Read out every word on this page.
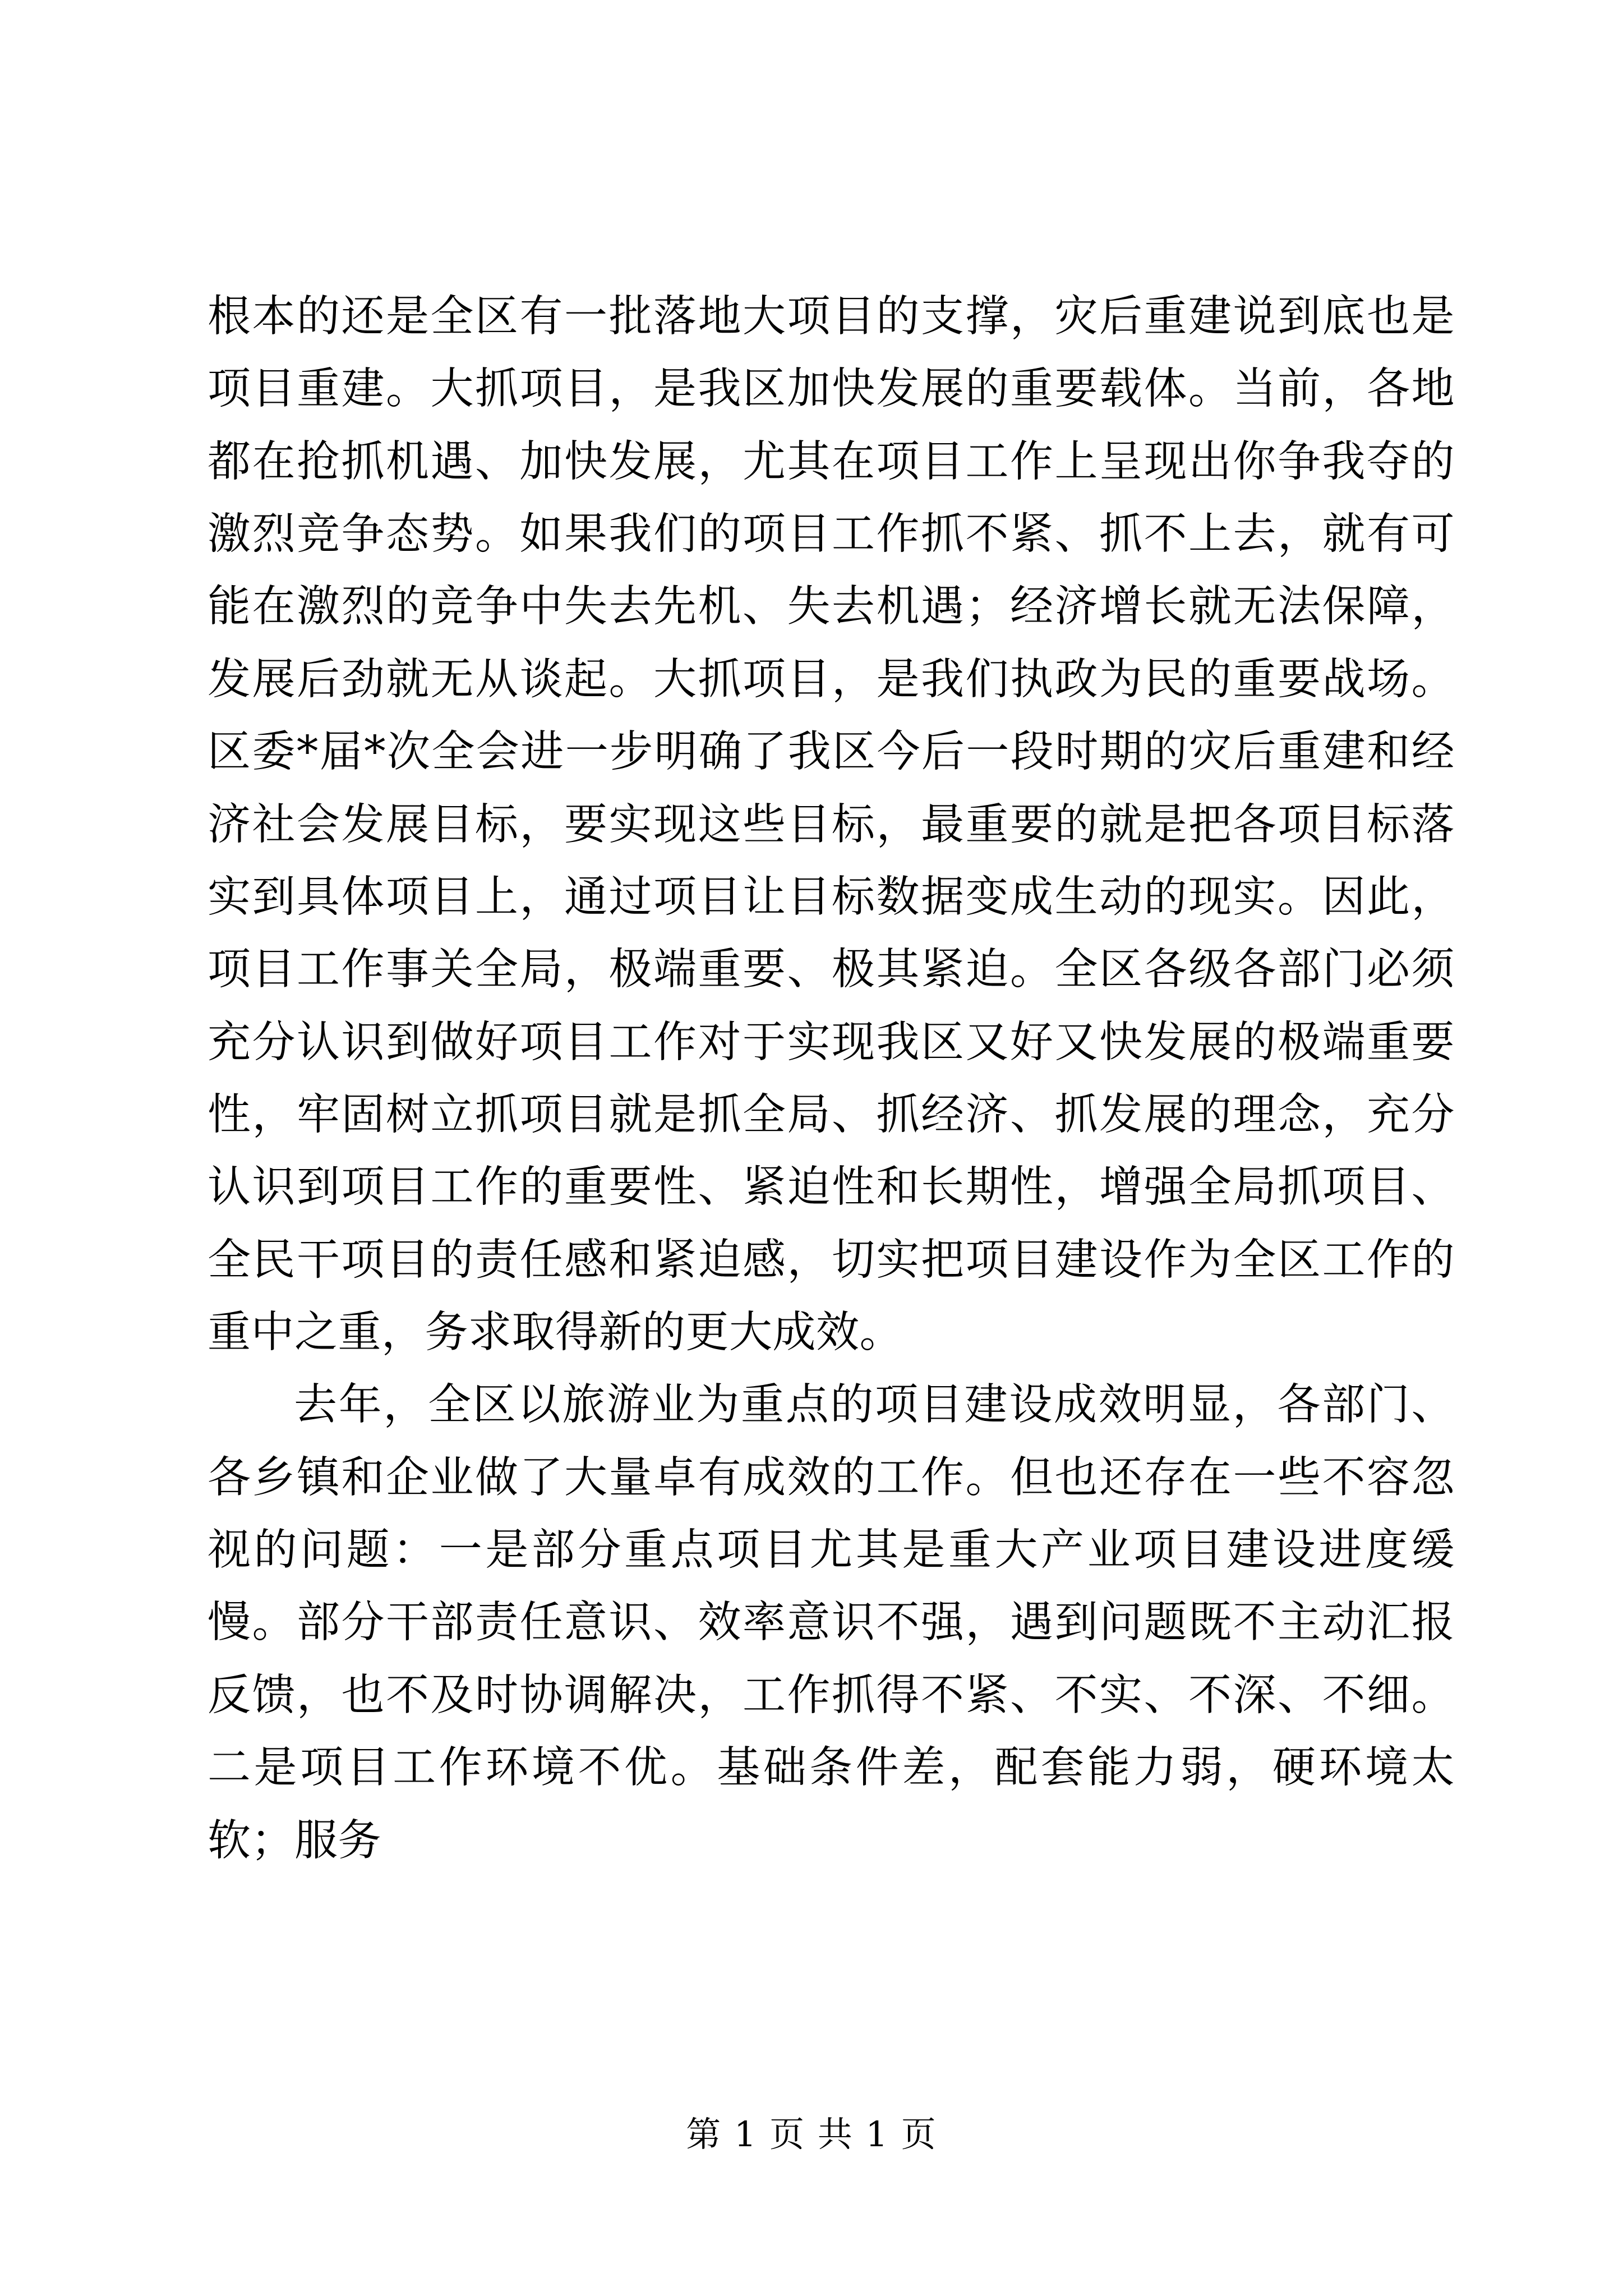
根本的还是全区有一批落地大项目的支撑，灾后重建说到底也是项目重建。大抓项目，是我区加快发展的重要载体。当前，各地都在抢抓机遇、加快发展，尤其在项目工作上呈现出你争我夺的激烈竞争态势。如果我们的项目工作抓不紧、抓不上去，就有可能在激烈的竞争中失去先机、失去机遇；经济增长就无法保障，发展后劲就无从谈起。大抓项目，是我们执政为民的重要战场。区委*届*次全会进一步明确了我区今后一段时期的灾后重建和经济社会发展目标，要实现这些目标，最重要的就是把各项目标落实到具体项目上，通过项目让目标数据变成生动的现实。因此，项目工作事关全局，极端重要、极其紧迫。全区各级各部门必须充分认识到做好项目工作对于实现我区又好又快发展的极端重要性，牢固树立抓项目就是抓全局、抓经济、抓发展的理念，充分认识到项目工作的重要性、紧迫性和长期性，增强全局抓项目、全民干项目的责任感和紧迫感，切实把项目建设作为全区工作的重中之重，务求取得新的更大成效。

去年，全区以旅游业为重点的项目建设成效明显，各部门、各乡镇和企业做了大量卓有成效的工作。但也还存在一些不容忽视的问题：一是部分重点项目尤其是重大产业项目建设进度缓慢。部分干部责任意识、效率意识不强，遇到问题既不主动汇报反馈，也不及时协调解决，工作抓得不紧、不实、不深、不细。二是项目工作环境不优。基础条件差，配套能力弱，硬环境太软；服务

第 1 页 共 1 页
